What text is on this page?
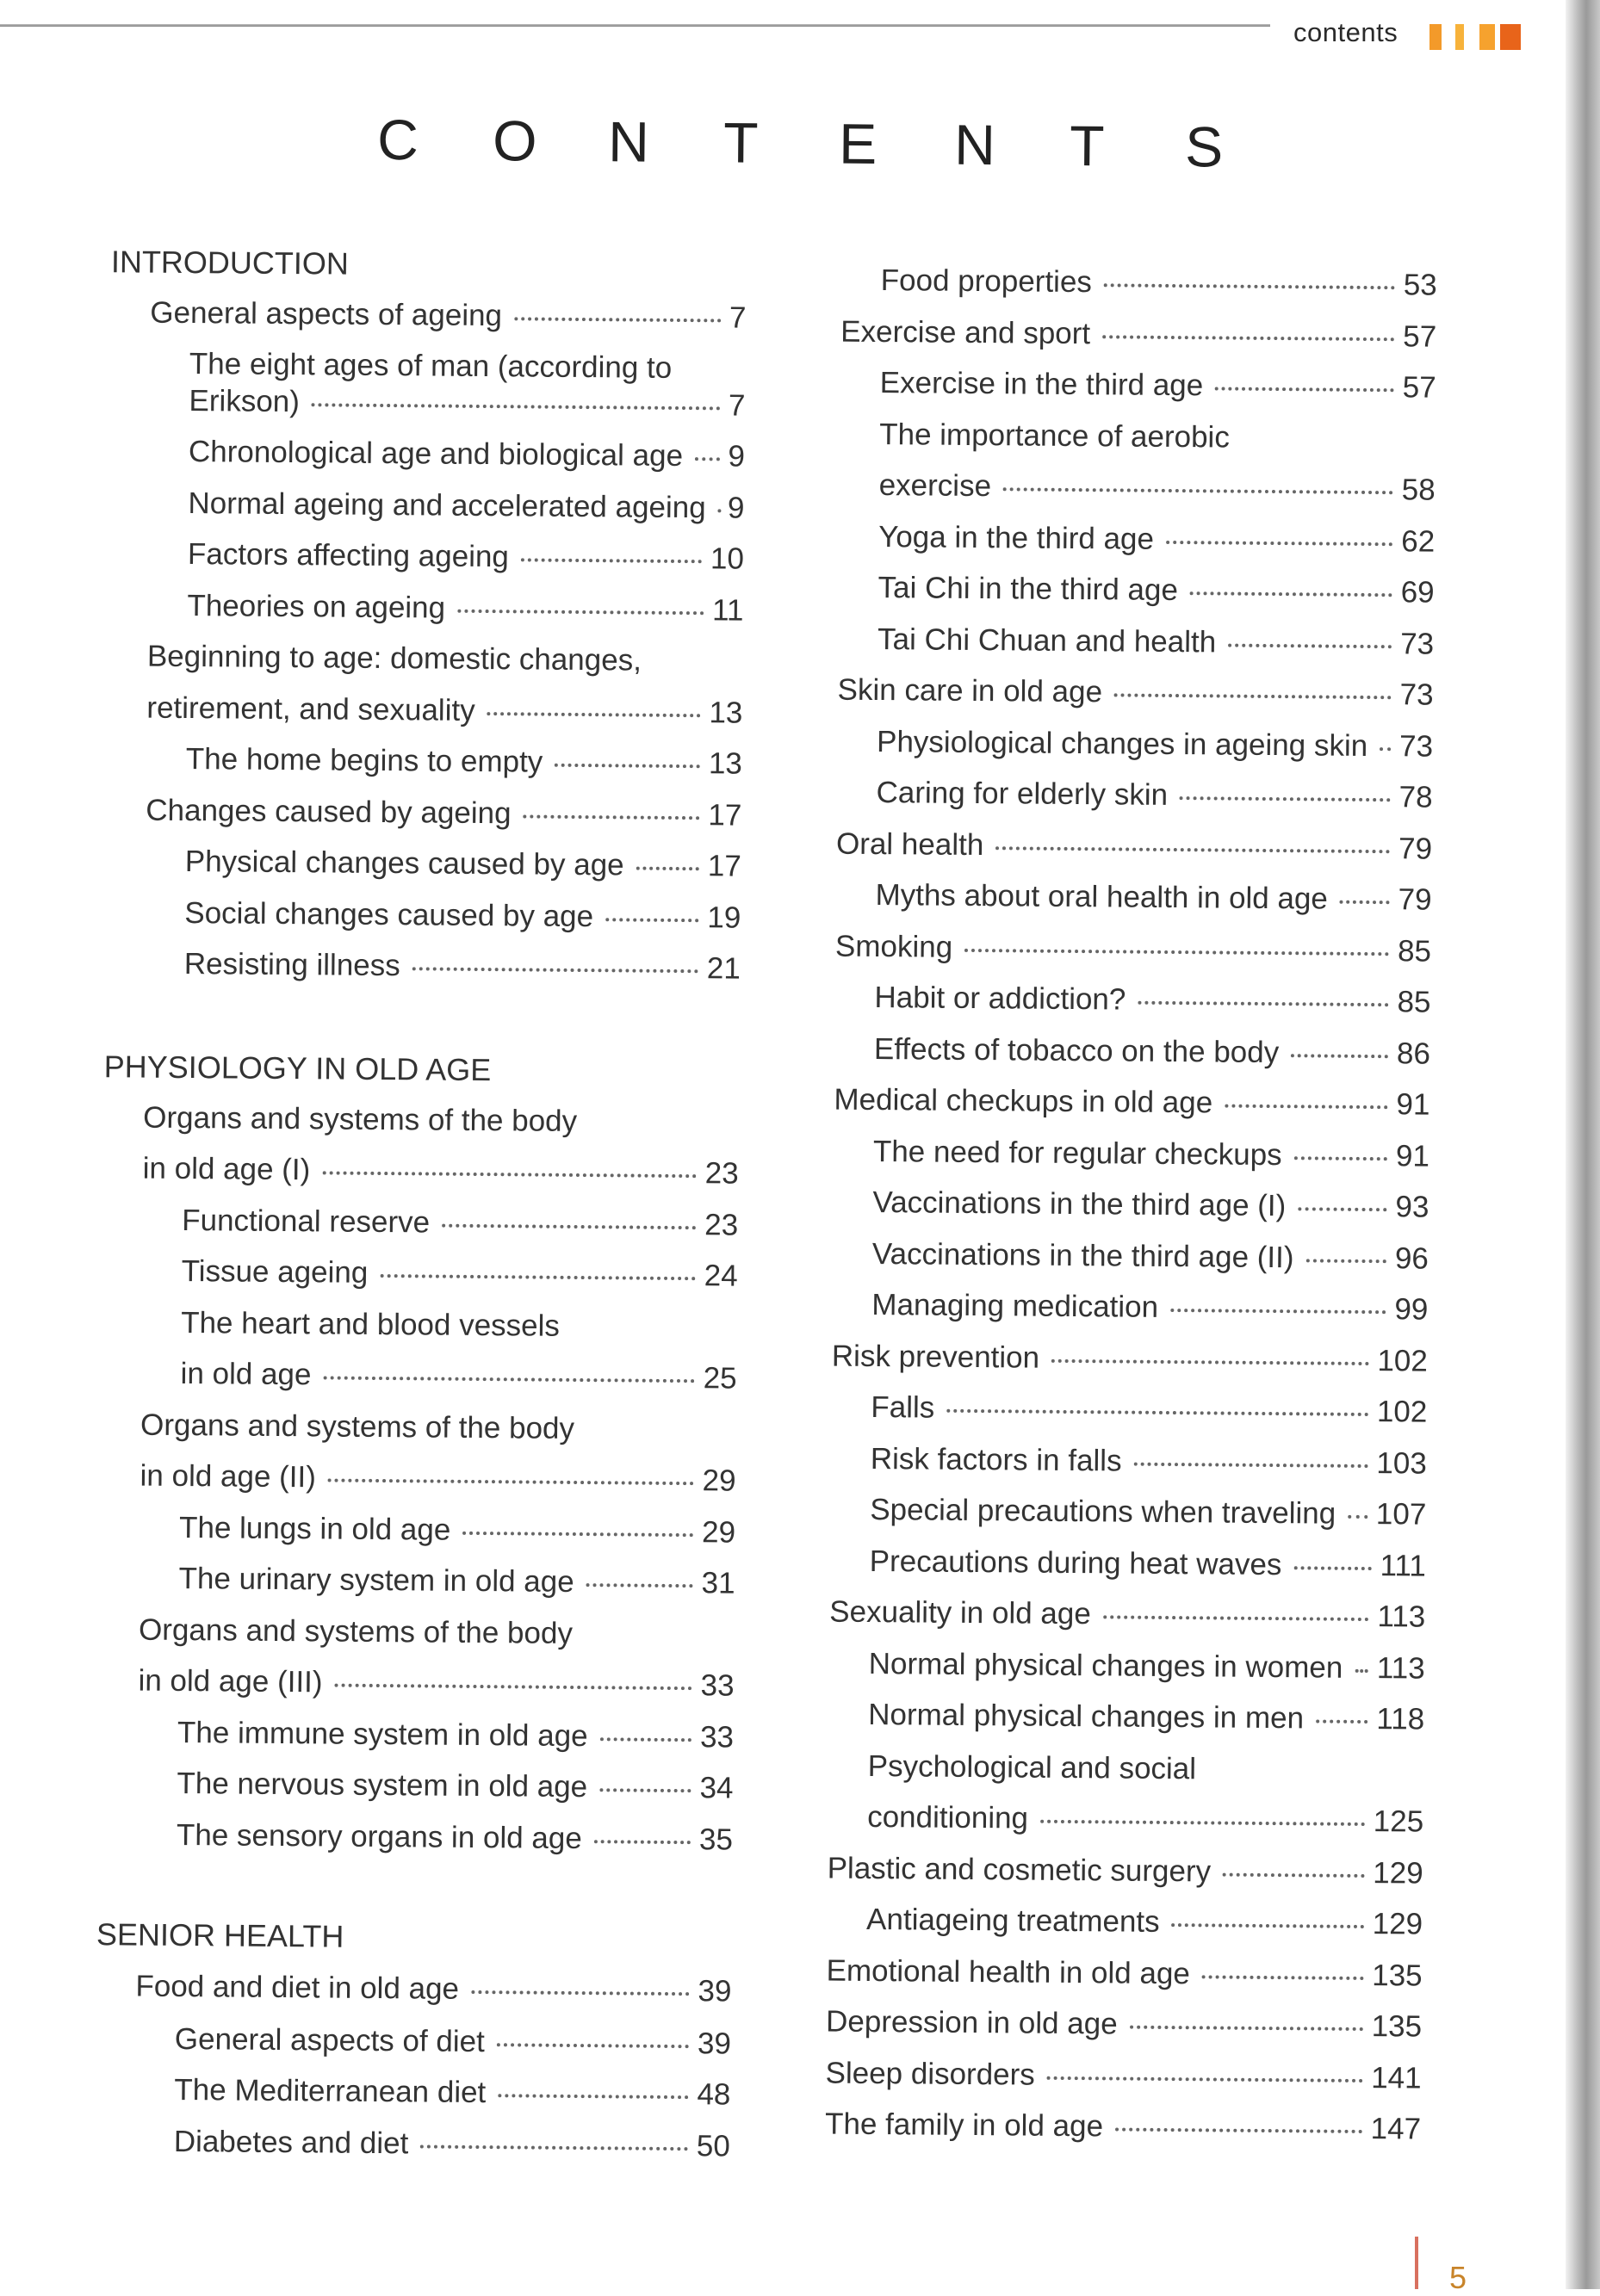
contents
C O N T E N T S
INTRODUCTION
General aspects of ageing	7
The eight ages of man (according to
Erikson)	7
Chronological age and biological age 9
Normal ageing and accelerated ageing 9
Factors affecting ageing	10
Theories on ageing	11
Beginning to age: domestic changes,
retirement, and sexuality	13
The home begins to empty	13
Changes caused by ageing	17
Physical changes caused by age	17
Social changes caused by age	19
Resisting illness	21
PHYSIOLOGY IN OLD AGE
Organs and systems of the body
in old age (I)	23
Functional reserve	23
Tissue ageing	24
The heart and blood vessels
in old age	25
Organs and systems of the body
in old age (II)	29
The lungs in old age	29
The urinary system in old age	31
Organs and systems of the body
in old age (III)	33
The immune system in old age	33
The nervous system in old age	34
The sensory organs in old age	35
SENIOR HEALTH
Food and diet in old age	39
General aspects of diet	39
The Mediterranean diet	48
Diabetes and diet	50
Food properties	53
Exercise and sport	57
Exercise in the third age	57
The importance of aerobic
exercise	58
Yoga in the third age	62
Tai Chi in the third age	69
Tai Chi Chuan and health	73
Skin care in old age	73
Physiological changes in ageing skin 73
Caring for elderly skin	78
Oral health	79
Myths about oral health in old age 79
Smoking	85
Habit or addiction?	85
Effects of tobacco on the body	86
Medical checkups in old age	91
The need for regular checkups	91
Vaccinations in the third age (I)	93
Vaccinations in the third age (II)	96
Managing medication	99
Risk prevention	102
Falls	102
Risk factors in falls	103
Special precautions when traveling 107
Precautions during heat waves	111
Sexuality in old age	113
Normal physical changes in women 113
Normal physical changes in men 118
Psychological and social
conditioning	125
Plastic and cosmetic surgery	129
Antiageing treatments	129
Emotional health in old age	135
Depression in old age	135
Sleep disorders	141
The family in old age	147
5
